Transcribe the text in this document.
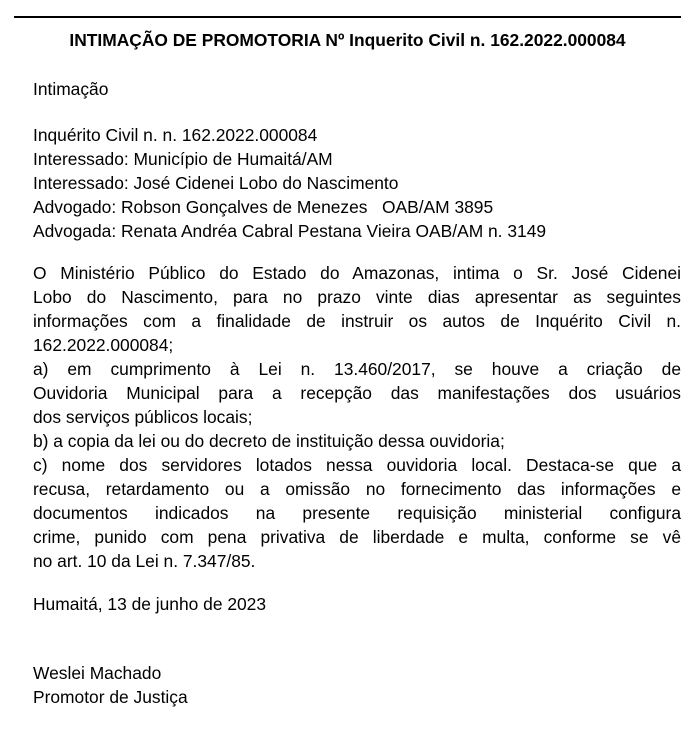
INTIMAÇÃO DE PROMOTORIA Nº Inquerito Civil n. 162.2022.000084
Intimação
Inquérito Civil n. n. 162.2022.000084
Interessado: Município de Humaitá/AM
Interessado: José Cidenei Lobo do Nascimento
Advogado: Robson Gonçalves de Menezes   OAB/AM 3895
Advogada: Renata Andréa Cabral Pestana Vieira OAB/AM n. 3149
O Ministério Público do Estado do Amazonas, intima o Sr. José Cidenei
Lobo do Nascimento, para no prazo vinte dias apresentar as seguintes
informações com a finalidade de instruir os autos de Inquérito Civil n.
162.2022.000084;
a) em cumprimento à Lei n. 13.460/2017, se houve a criação de
Ouvidoria Municipal para a recepção das manifestações dos usuários
dos serviços públicos locais;
b) a copia da lei ou do decreto de instituição dessa ouvidoria;
c) nome dos servidores lotados nessa ouvidoria local. Destaca-se que a
recusa, retardamento ou a omissão no fornecimento das informações e
documentos indicados na presente requisição ministerial configura
crime, punido com pena privativa de liberdade e multa, conforme se vê
no art. 10 da Lei n. 7.347/85.
Humaitá, 13 de junho de 2023
Weslei Machado
Promotor de Justiça
